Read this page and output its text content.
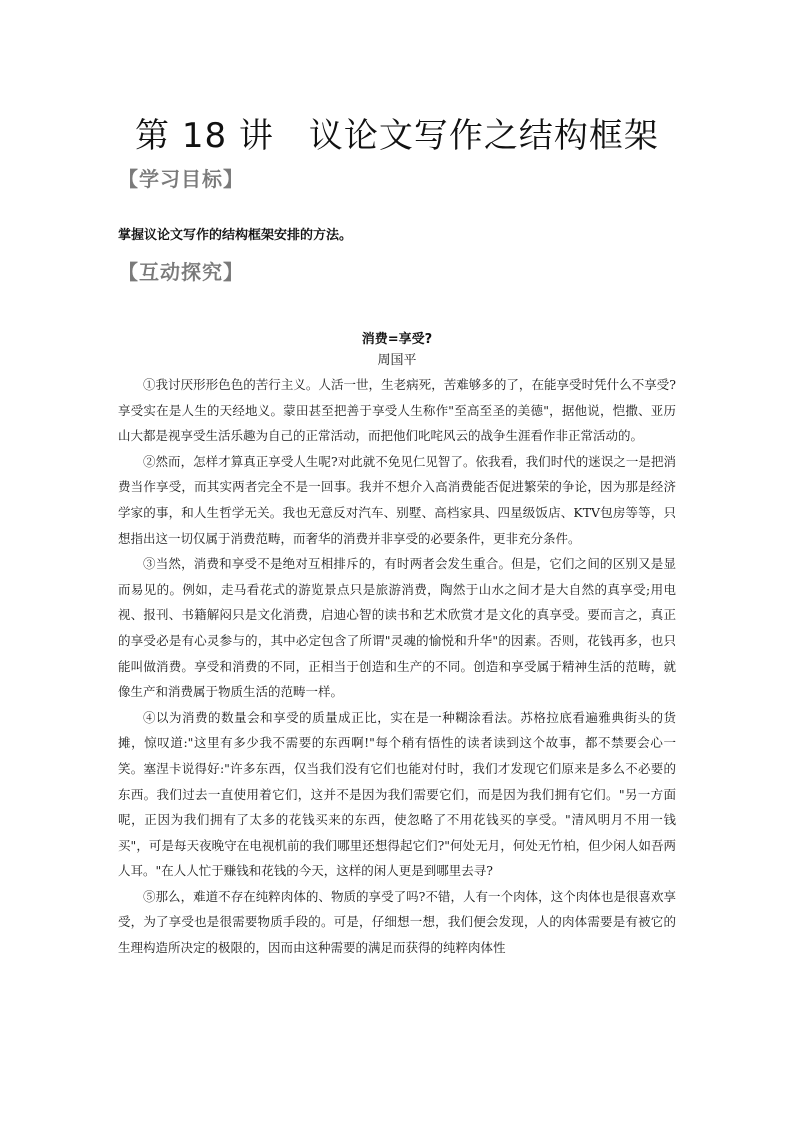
第 18 讲　议论文写作之结构框架
【学习目标】
掌握议论文写作的结构框架安排的方法。
【互动探究】
消费=享受?
周国平

①我讨厌形形色色的苦行主义。人活一世，生老病死，苦难够多的了，在能享受时凭什么不享受?享受实在是人生的天经地义。蒙田甚至把善于享受人生称作"至高至圣的美德"，据他说，恺撒、亚历山大都是视享受生活乐趣为自己的正常活动，而把他们叱咤风云的战争生涯看作非正常活动的。

②然而，怎样才算真正享受人生呢?对此就不免见仁见智了。依我看，我们时代的迷误之一是把消费当作享受，而其实两者完全不是一回事。我并不想介入高消费能否促进繁荣的争论，因为那是经济学家的事，和人生哲学无关。我也无意反对汽车、别墅、高档家具、四星级饭店、KTV包房等等，只想指出这一切仅属于消费范畴，而奢华的消费并非享受的必要条件，更非充分条件。

③当然，消费和享受不是绝对互相排斥的，有时两者会发生重合。但是，它们之间的区别又是显而易见的。例如，走马看花式的游览景点只是旅游消费，陶然于山水之间才是大自然的真享受;用电视、报刊、书籍解闷只是文化消费，启迪心智的读书和艺术欣赏才是文化的真享受。要而言之，真正的享受必是有心灵参与的，其中必定包含了所谓"灵魂的愉悦和升华"的因素。否则，花钱再多，也只能叫做消费。享受和消费的不同，正相当于创造和生产的不同。创造和享受属于精神生活的范畴，就像生产和消费属于物质生活的范畴一样。

④以为消费的数量会和享受的质量成正比，实在是一种糊涂看法。苏格拉底看遍雅典街头的货摊，惊叹道:"这里有多少我不需要的东西啊!"每个稍有悟性的读者读到这个故事，都不禁要会心一笑。塞涅卡说得好:"许多东西，仅当我们没有它们也能对付时，我们才发现它们原来是多么不必要的东西。我们过去一直使用着它们，这并不是因为我们需要它们，而是因为我们拥有它们。"另一方面呢，正因为我们拥有了太多的花钱买来的东西，使忽略了不用花钱买的享受。"清风明月不用一钱买"，可是每天夜晚守在电视机前的我们哪里还想得起它们?"何处无月，何处无竹柏，但少闲人如吾两人耳。"在人人忙于赚钱和花钱的今天，这样的闲人更是到哪里去寻?

⑤那么，难道不存在纯粹肉体的、物质的享受了吗?不错，人有一个肉体，这个肉体也是很喜欢享受，为了享受也是很需要物质手段的。可是，仔细想一想，我们便会发现，人的肉体需要是有被它的生理构造所决定的极限的，因而由这种需要的满足而获得的纯粹肉体性
